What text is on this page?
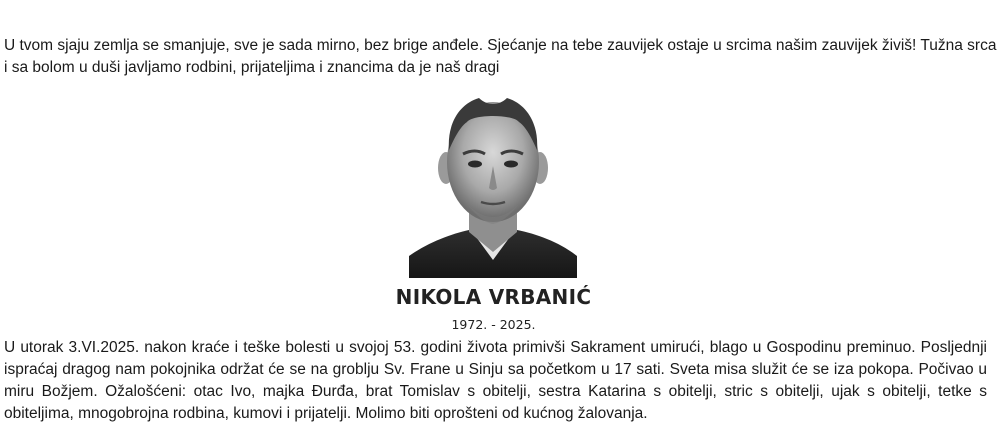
U tvom sjaju zemlja se smanjuje, sve je sada mirno, bez brige anđele. Sjećanje na tebe zauvijek ostaje u srcima našim zauvijek živiš! Tužna srca i sa bolom u duši javljamo rodbini, prijateljima i znancima da je naš dragi

NIKOLA VRBANIĆ

1972. - 2025.

U utorak 3.VI.2025. nakon kraće i teške bolesti u svojoj 53. godini života primivši Sakrament umirući, blago u Gospodinu preminuo. Posljednji ispraćaj dragog nam pokojnika održat će se na groblju Sv. Frane u Sinju sa početkom u 17 sati. Sveta misa služit će se iza pokopa. Počivao u miru Božjem. Ožalošćeni: otac Ivo, majka Đurđa, brat Tomislav s obitelji, sestra Katarina s obitelji, stric s obitelji, ujak s obitelji, tetke s obiteljima, mnogobrojna rodbina, kumovi i prijatelji. Molimo biti oprošteni od kućnog žalovanja.
